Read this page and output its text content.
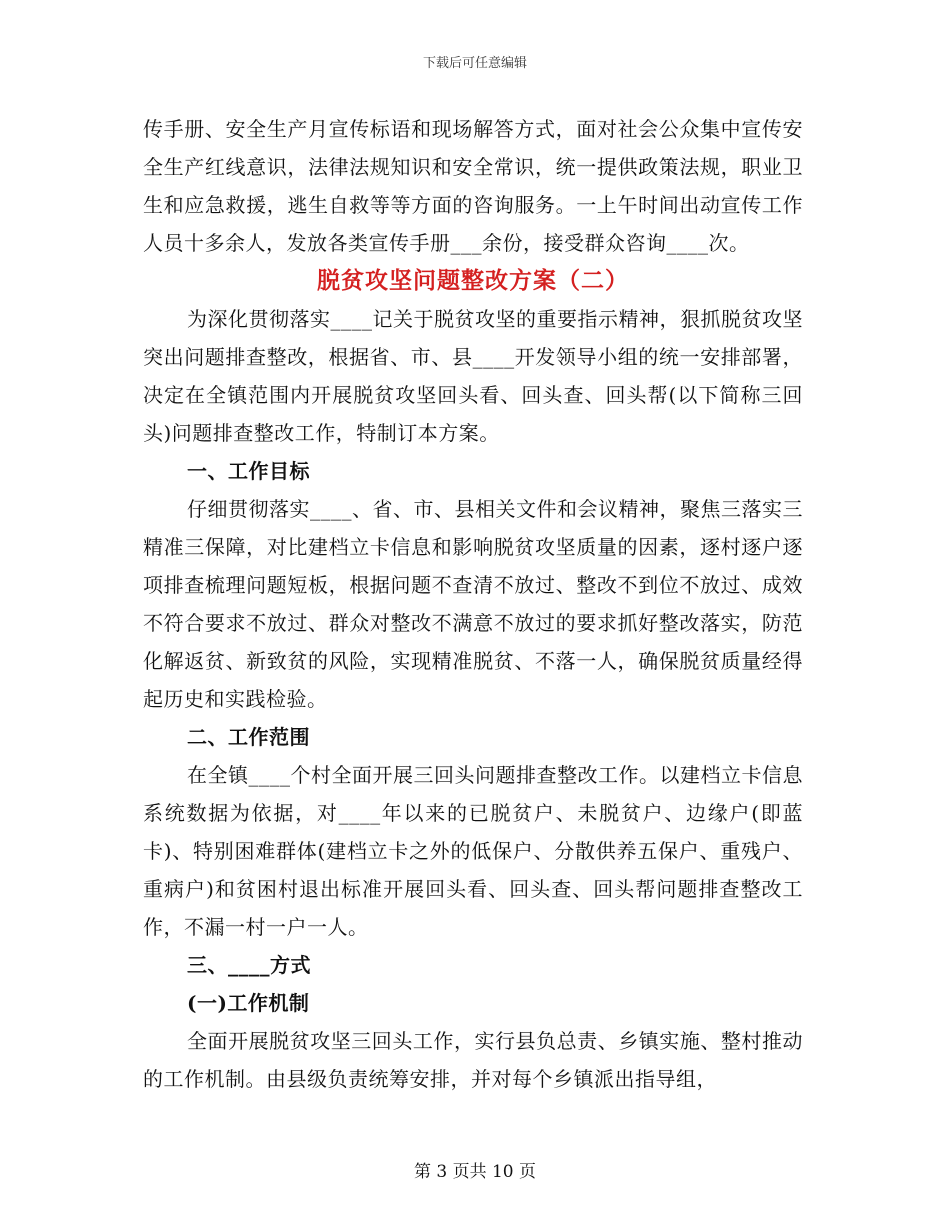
下载后可任意编辑

传手册、安全生产月宣传标语和现场解答方式，面对社会公众集中宣传安全生产红线意识，法律法规知识和安全常识，统一提供政策法规，职业卫生和应急救援，逃生自救等等方面的咨询服务。一上午时间出动宣传工作人员十多余人，发放各类宣传手册___余份，接受群众咨询____次。

脱贫攻坚问题整改方案（二）

为深化贯彻落实____记关于脱贫攻坚的重要指示精神，狠抓脱贫攻坚突出问题排查整改，根据省、市、县____开发领导小组的统一安排部署，决定在全镇范围内开展脱贫攻坚回头看、回头查、回头帮(以下简称三回头)问题排查整改工作，特制订本方案。

一、工作目标

仔细贯彻落实____、省、市、县相关文件和会议精神，聚焦三落实三精准三保障，对比建档立卡信息和影响脱贫攻坚质量的因素，逐村逐户逐项排查梳理问题短板，根据问题不查清不放过、整改不到位不放过、成效不符合要求不放过、群众对整改不满意不放过的要求抓好整改落实，防范化解返贫、新致贫的风险，实现精准脱贫、不落一人，确保脱贫质量经得起历史和实践检验。

二、工作范围

在全镇____个村全面开展三回头问题排查整改工作。以建档立卡信息系统数据为依据，对____年以来的已脱贫户、未脱贫户、边缘户(即蓝卡)、特别困难群体(建档立卡之外的低保户、分散供养五保户、重残户、重病户)和贫困村退出标准开展回头看、回头查、回头帮问题排查整改工作，不漏一村一户一人。

三、____方式
(一)工作机制

全面开展脱贫攻坚三回头工作，实行县负总责、乡镇实施、整村推动的工作机制。由县级负责统筹安排，并对每个乡镇派出指导组，

第 3 页共 10 页
